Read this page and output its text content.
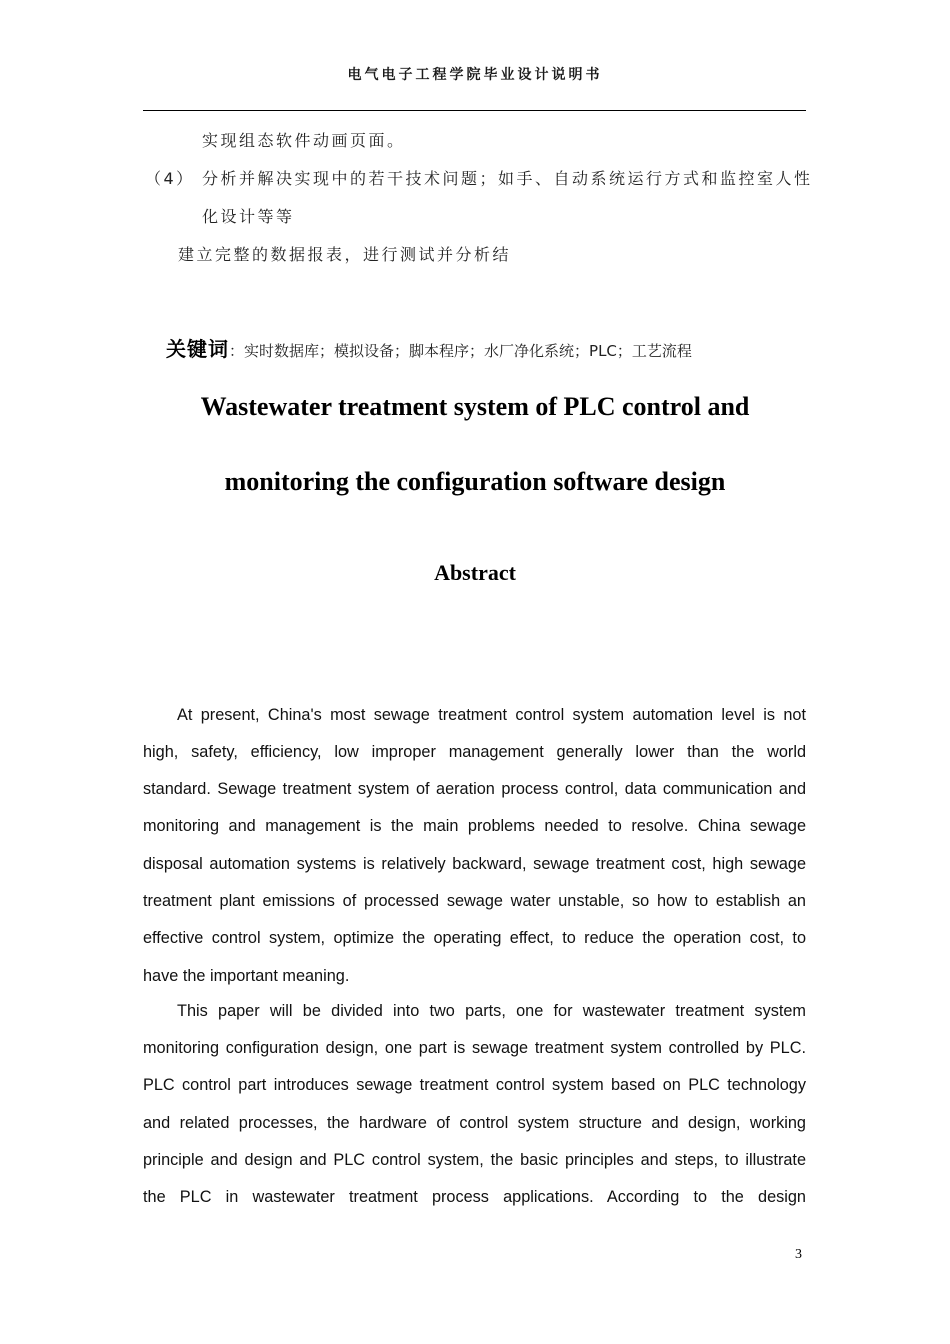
电气电子工程学院毕业设计说明书
实现组态软件动画页面。
（4） 分析并解决实现中的若干技术问题；如手、自动系统运行方式和监控室人性
化设计等等
建立完整的数据报表，进行测试并分析结
关键词：实时数据库；模拟设备；脚本程序；水厂净化系统；PLC；工艺流程
Wastewater treatment system of PLC control and
monitoring the configuration software design
Abstract
At present, China's most sewage treatment control system automation level is not
high, safety, efficiency, low improper management generally lower than the world
standard. Sewage treatment system of aeration process control, data communication and
monitoring and management is the main problems needed to resolve. China sewage
disposal automation systems is relatively backward, sewage treatment cost, high sewage
treatment plant emissions of processed sewage water unstable, so how to establish an
effective control system, optimize the operating effect, to reduce the operation cost, to
have the important meaning.
This paper will be divided into two parts, one for wastewater treatment system
monitoring configuration design, one part is sewage treatment system controlled by PLC.
PLC control part introduces sewage treatment control system based on PLC technology
and related processes, the hardware of control system structure and design, working
principle and design and PLC control system, the basic principles and steps, to illustrate
the PLC in wastewater treatment process applications. According to the design
3
